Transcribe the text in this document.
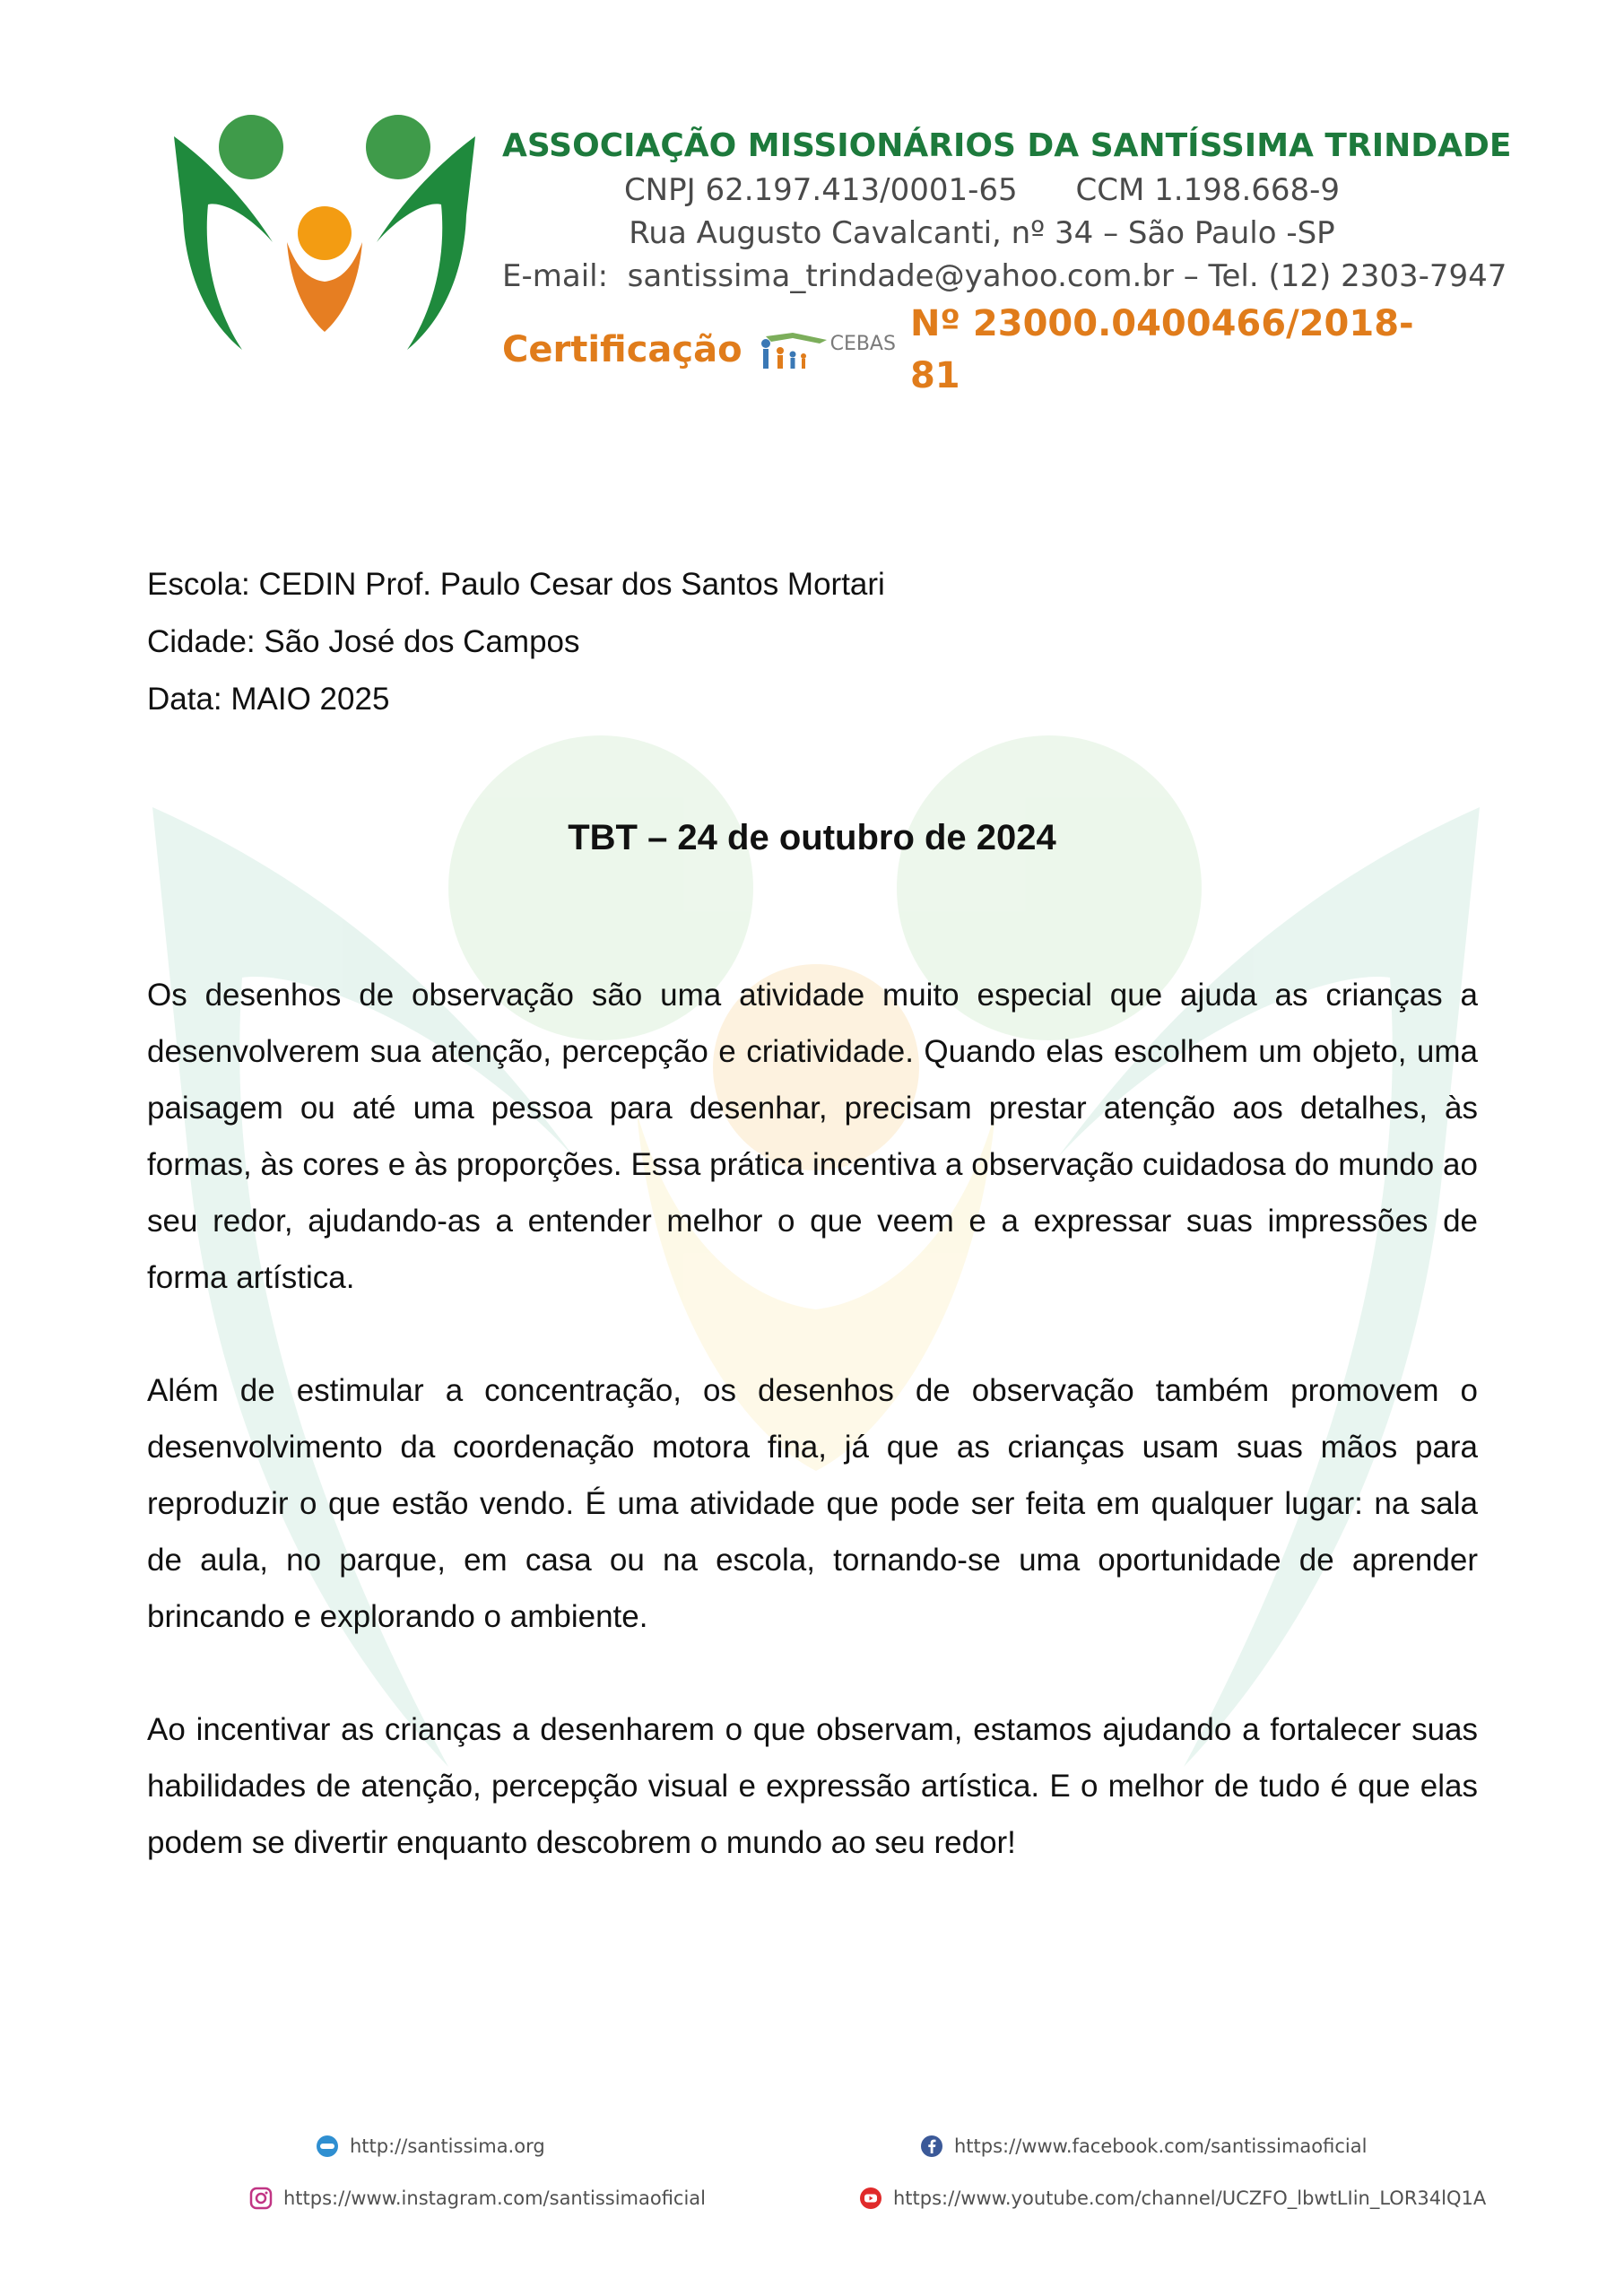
ASSOCIAÇÃO MISSIONÁRIOS DA SANTÍSSIMA TRINDADE
CNPJ 62.197.413/0001-65      CCM 1.198.668-9
Rua Augusto Cavalcanti, nº 34 – São Paulo -SP
E-mail:  santissima_trindade@yahoo.com.br – Tel. (12) 2303-7947
Certificação	CEBAS Nº 23000.0400466/2018-81
Escola: CEDIN Prof. Paulo Cesar dos Santos Mortari
Cidade: São José dos Campos
Data: MAIO 2025
TBT – 24 de outubro de 2024

Os desenhos de observação são uma atividade muito especial que ajuda as crianças a desenvolverem sua atenção, percepção e criatividade. Quando elas escolhem um objeto, uma paisagem ou até uma pessoa para desenhar, precisam prestar atenção aos detalhes, às formas, às cores e às proporções. Essa prática incentiva a observação cuidadosa do mundo ao seu redor, ajudando-as a entender melhor o que veem e a expressar suas impressões de forma artística.

Além de estimular a concentração, os desenhos de observação também promovem o desenvolvimento da coordenação motora fina, já que as crianças usam suas mãos para reproduzir o que estão vendo. É uma atividade que pode ser feita em qualquer lugar: na sala de aula, no parque, em casa ou na escola, tornando-se uma oportunidade de aprender brincando e explorando o ambiente.

Ao incentivar as crianças a desenharem o que observam, estamos ajudando a fortalecer suas habilidades de atenção, percepção visual e expressão artística. E o melhor de tudo é que elas podem se divertir enquanto descobrem o mundo ao seu redor!

http://santissima.org	https://www.facebook.com/santissimaoficial
https://www.instagram.com/santissimaoficial	https://www.youtube.com/channel/UCZFO_lbwtLIin_LOR34lQ1A
